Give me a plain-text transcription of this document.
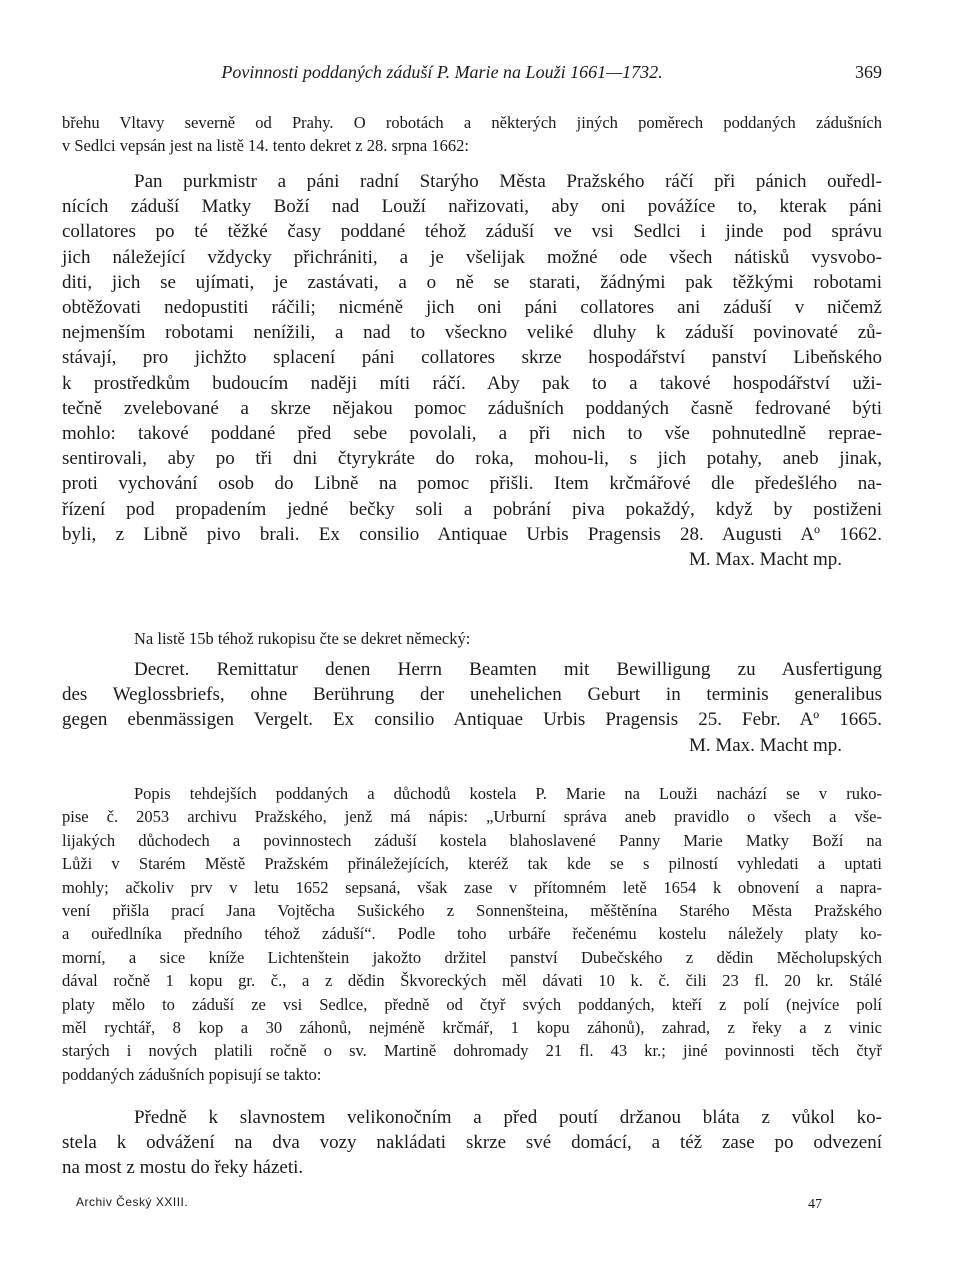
Povinnosti poddaných záduší P. Marie na Louži 1661—1732.	369

břehu Vltavy severně od Prahy. O robotách a některých jiných poměrech poddaných zádušních
v Sedlci vepsán jest na listě 14. tento dekret z 28. srpna 1662:

Pan purkmistr a páni radní Starýho Města Pražského ráčí při pánich ouředl-
nících záduší Matky Boží nad Louží nařizovati, aby oni povážíce to, kterak páni
collatores po té těžké časy poddané téhož záduší ve vsi Sedlci i jinde pod správu
jich náležející vždycky přichrániti, a je všelijak možné ode všech nátisků vysvobo-
diti, jich se ujímati, je zastávati, a o ně se starati, žádnými pak těžkými robotami
obtěžovati nedopustiti ráčili; nicméně jich oni páni collatores ani záduší v ničemž
nejmenším robotami nenížili, a nad to všeckno veliké dluhy k záduší povinovaté zů-
stávají, pro jichžto splacení páni collatores skrze hospodářství panství Libeňského
k prostředkům budoucím naději míti ráčí. Aby pak to a takové hospodářství uži-
tečně zvelebované a skrze nějakou pomoc zádušních poddaných časně fedrované býti
mohlo: takové poddané před sebe povolali, a při nich to vše pohnutedlně repraе-
sentirovali, aby po tři dni čtyrykráte do roka, mohou-li, s jich potahy, aneb jinak,
proti vychování osob do Libně na pomoc přišli. Item krčmářové dle předešlého na-
řízení pod propadením jedné bečky soli a pobrání piva pokaždý, když by postiženi
byli, z Libně pivo brali. Ex consilio Antiquae Urbis Pragensis 28. Augusti Aº 1662.
M. Max. Macht mp.

Na listě 15b téhož rukopisu čte se dekret německý:

Decret. Remittatur denen Herrn Beamten mit Bewilligung zu Ausfertigung
des Weglossbriefs, ohne Berührung der unehelichen Geburt in terminis generalibus
gegen ebenmässigen Vergelt. Ex consilio Antiquae Urbis Pragensis 25. Febr. Aº 1665.
M. Max. Macht mp.

Popis tehdejších poddaných a důchodů kostela P. Marie na Louži nachází se v ruko-
pise č. 2053 archivu Pražského, jenž má nápis: „Urburní správa aneb pravidlo o všech a vše-
lijakých důchodech a povinnostech záduší kostela blahoslavené Panny Marie Matky Boží na
Lůži v Starém Městě Pražském přináležejících, kteréž tak kde se s pilností vyhledati a uptati
mohly; ačkoliv prv v letu 1652 sepsaná, však zase v přítomném letě 1654 k obnovení a napra-
vení přišla prací Jana Vojtěcha Sušického z Sonnenšteina, měštěnína Starého Města Pražského
a ouředlníka předního téhož záduší“. Podle toho urbáře řečenému kostelu náležely platy ko-
morní, a sice kníže Lichtenštein jakožto držitel panství Dubečského z dědin Měcholupských
dával ročně 1 kopu gr. č., a z dědin Škvoreckých měl dávati 10 k. č. čili 23 fl. 20 kr. Stálé
platy mělo to záduší ze vsi Sedlce, předně od čtyř svých poddaných, kteří z polí (nejvíce polí
měl rychtář, 8 kop a 30 záhonů, nejméně krčmář, 1 kopu záhonů), zahrad, z řeky a z vinic
starých i nových platili ročně o sv. Martině dohromady 21 fl. 43 kr.; jiné povinnosti těch čtyř
poddaných zádušních popisují se takto:

Předně k slavnostem velikonočním a před poutí držanou bláta z vůkol ko-
stela k odvážení na dva vozy nakládati skrze své domácí, a též zase po odvezení
na most z mostu do řeky házeti.

Archiv Český XXIII.	47
